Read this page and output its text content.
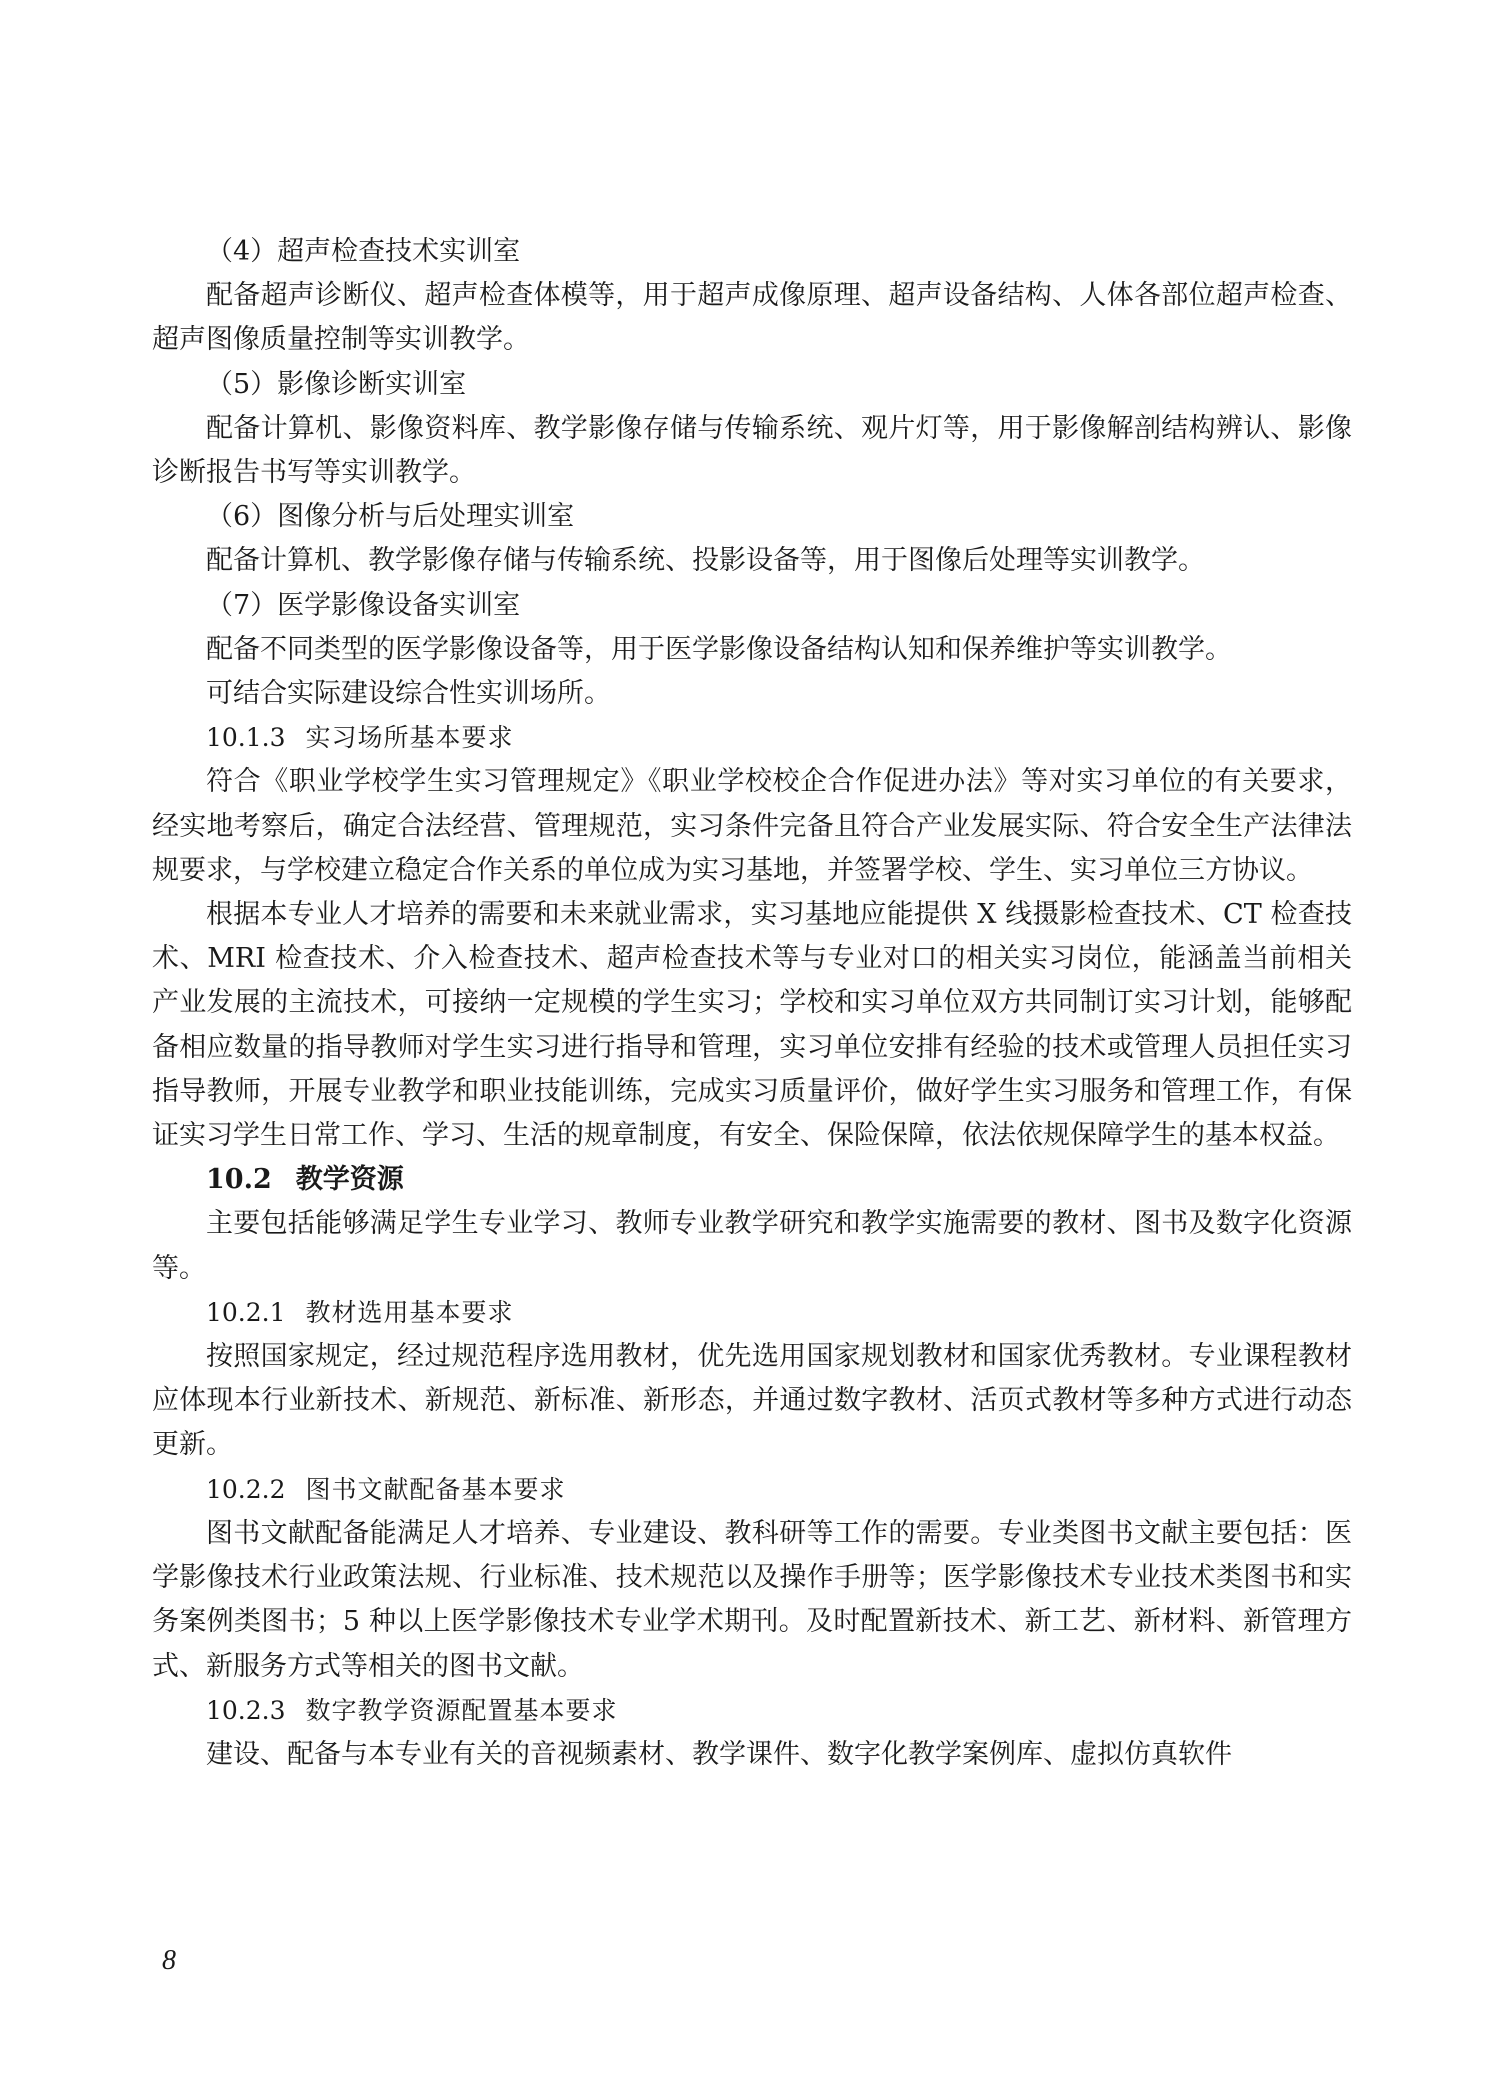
（4）超声检查技术实训室

配备超声诊断仪、超声检查体模等，用于超声成像原理、超声设备结构、人体各部位超声检查、超声图像质量控制等实训教学。

（5）影像诊断实训室

配备计算机、影像资料库、教学影像存储与传输系统、观片灯等，用于影像解剖结构辨认、影像诊断报告书写等实训教学。

（6）图像分析与后处理实训室

配备计算机、教学影像存储与传输系统、投影设备等，用于图像后处理等实训教学。

（7）医学影像设备实训室

配备不同类型的医学影像设备等，用于医学影像设备结构认知和保养维护等实训教学。

可结合实际建设综合性实训场所。

10.1.3 实习场所基本要求

符合《职业学校学生实习管理规定》《职业学校校企合作促进办法》等对实习单位的有关要求，经实地考察后，确定合法经营、管理规范，实习条件完备且符合产业发展实际、符合安全生产法律法规要求，与学校建立稳定合作关系的单位成为实习基地，并签署学校、学生、实习单位三方协议。

根据本专业人才培养的需要和未来就业需求，实习基地应能提供 X 线摄影检查技术、CT 检查技术、MRI 检查技术、介入检查技术、超声检查技术等与专业对口的相关实习岗位，能涵盖当前相关产业发展的主流技术，可接纳一定规模的学生实习；学校和实习单位双方共同制订实习计划，能够配备相应数量的指导教师对学生实习进行指导和管理，实习单位安排有经验的技术或管理人员担任实习指导教师，开展专业教学和职业技能训练，完成实习质量评价，做好学生实习服务和管理工作，有保证实习学生日常工作、学习、生活的规章制度，有安全、保险保障，依法依规保障学生的基本权益。

10.2 教学资源

主要包括能够满足学生专业学习、教师专业教学研究和教学实施需要的教材、图书及数字化资源等。

10.2.1 教材选用基本要求

按照国家规定，经过规范程序选用教材，优先选用国家规划教材和国家优秀教材。专业课程教材应体现本行业新技术、新规范、新标准、新形态，并通过数字教材、活页式教材等多种方式进行动态更新。

10.2.2 图书文献配备基本要求

图书文献配备能满足人才培养、专业建设、教科研等工作的需要。专业类图书文献主要包括：医学影像技术行业政策法规、行业标准、技术规范以及操作手册等；医学影像技术专业技术类图书和实务案例类图书；5 种以上医学影像技术专业学术期刊。及时配置新技术、新工艺、新材料、新管理方式、新服务方式等相关的图书文献。

10.2.3 数字教学资源配置基本要求

建设、配备与本专业有关的音视频素材、教学课件、数字化教学案例库、虚拟仿真软件

8
